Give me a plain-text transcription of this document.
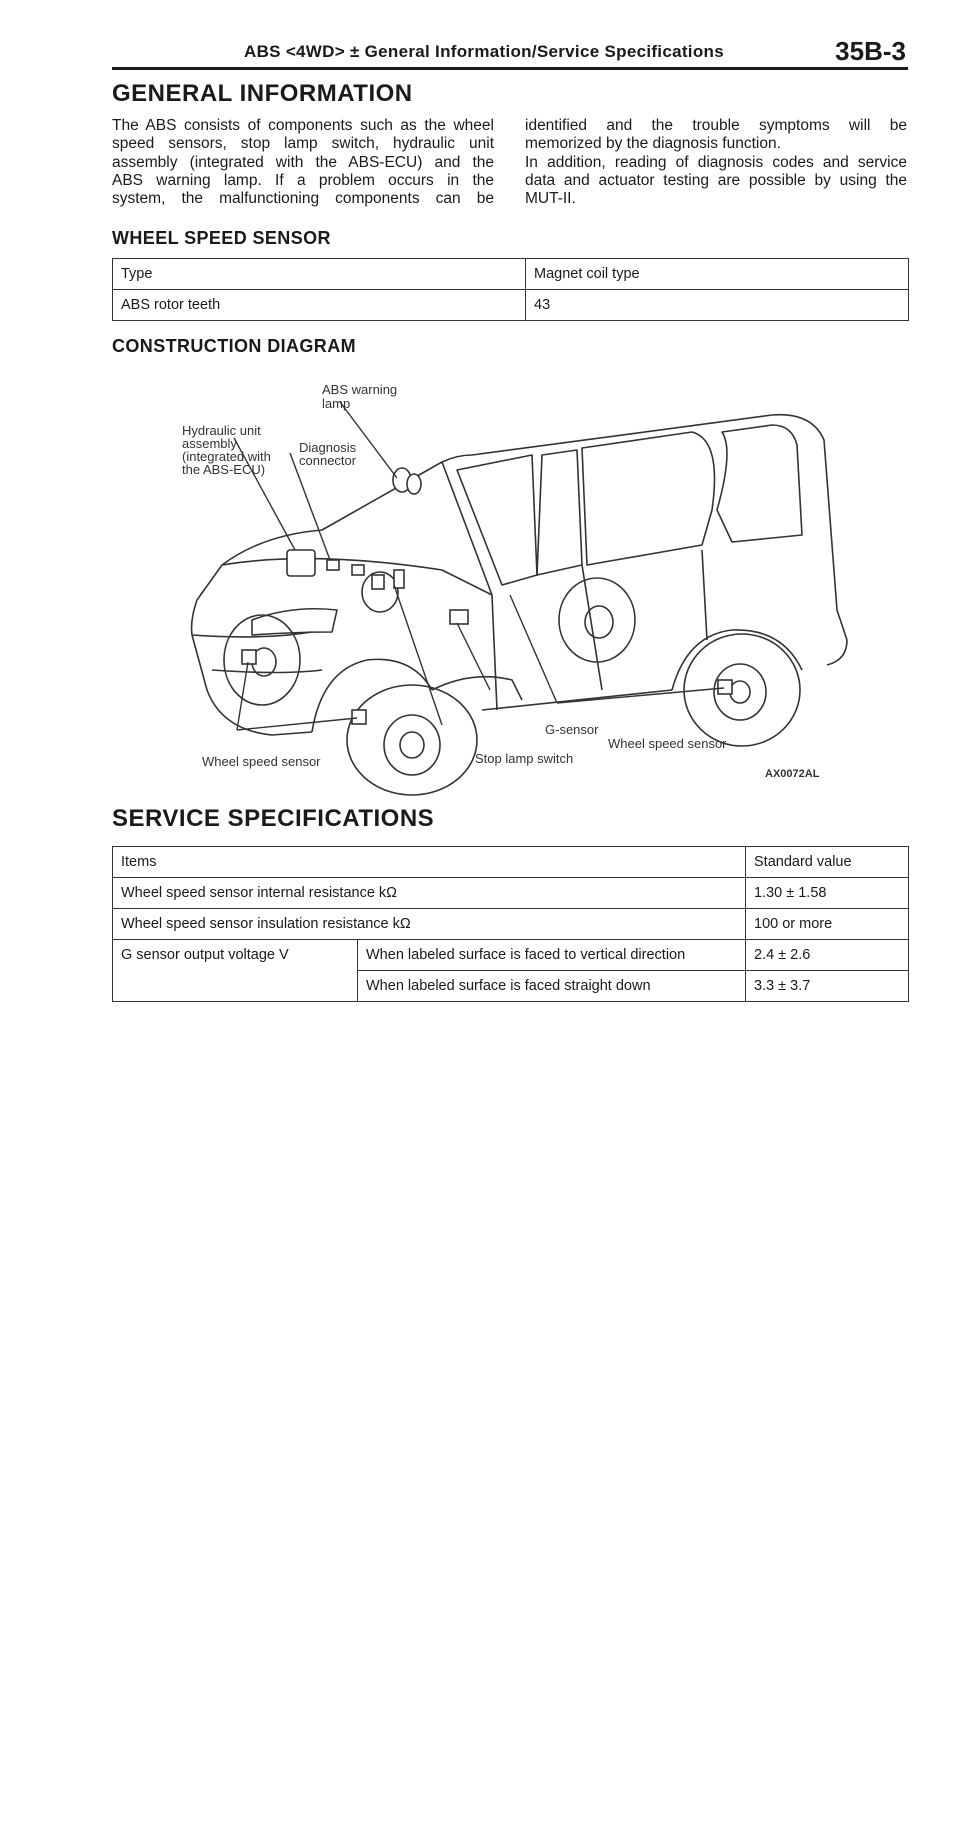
ABS <4WD> ± General Information/Service Specifications	35B-3
GENERAL INFORMATION
The ABS consists of components such as the wheel
speed sensors, stop lamp switch, hydraulic unit
assembly (integrated with the ABS-ECU) and the
ABS warning lamp. If a problem occurs in the
system, the malfunctioning components can be
identified and the trouble symptoms will be
memorized by the diagnosis function.
In addition, reading of diagnosis codes and service
data and actuator testing are possible by using the
MUT-II.
WHEEL SPEED SENSOR
Type	Magnet coil type
ABS rotor teeth	43
CONSTRUCTION DIAGRAM
ABS warning
lamp
Hydraulic unit
assembly
(integrated with
the ABS-ECU)
Diagnosis
connector
G-sensor
Wheel speed sensor	Stop lamp switch
Wheel speed sensor
AX0072AL
SERVICE SPECIFICATIONS
Items		Standard value
Wheel speed sensor internal resistance kΩ		1.30 ± 1.58
Wheel speed sensor insulation resistance kΩ		100 or more
G sensor output voltage V	When labeled surface is faced to vertical direction	2.4 ± 2.6
	When labeled surface is faced straight down	3.3 ± 3.7
